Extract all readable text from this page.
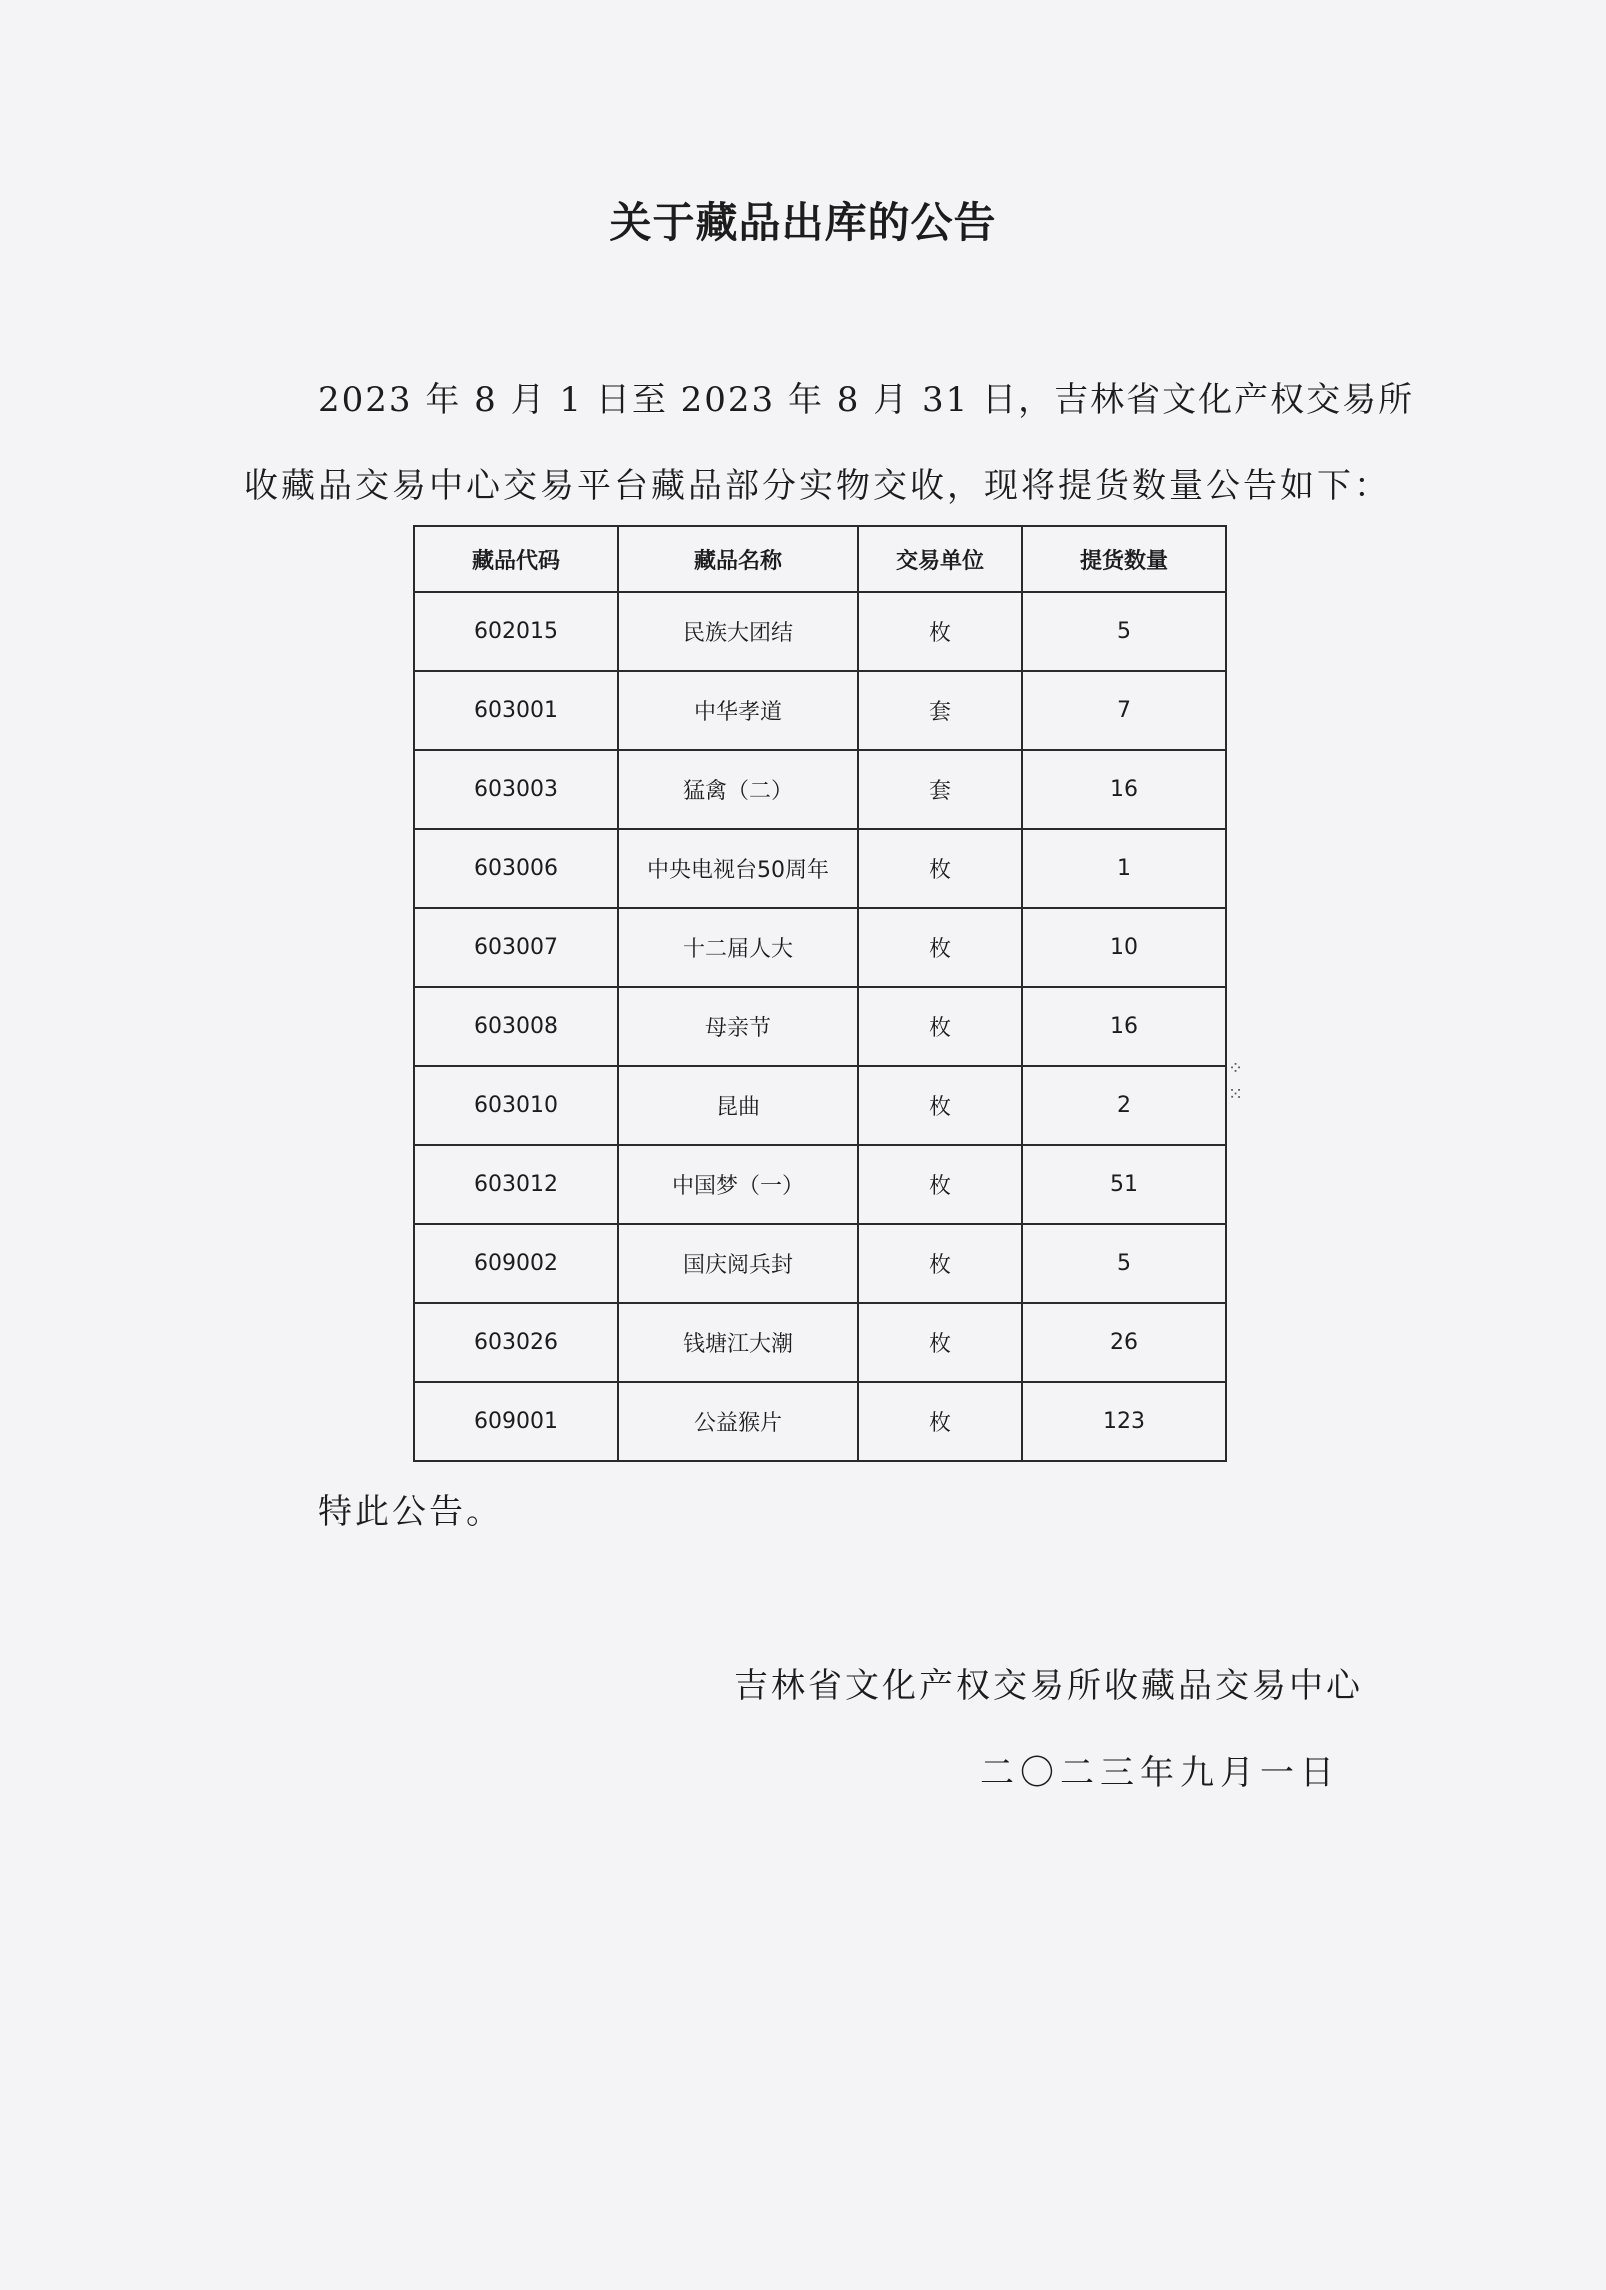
关于藏品出库的公告
2023 年 8 月 1 日至 2023 年 8 月 31 日，吉林省文化产权交易所
收藏品交易中心交易平台藏品部分实物交收，现将提货数量公告如下：
藏品代码	藏品名称	交易单位	提货数量
602015	民族大团结	枚	5
603001	中华孝道	套	7
603003	猛禽（二）	套	16
603006	中央电视台50周年	枚	1
603007	十二届人大	枚	10
603008	母亲节	枚	16
603010	昆曲	枚	2
603012	中国梦（一）	枚	51
609002	国庆阅兵封	枚	5
603026	钱塘江大潮	枚	26
609001	公益猴片	枚	123
⁘
⁙
特此公告。
吉林省文化产权交易所收藏品交易中心
二〇二三年九月一日
